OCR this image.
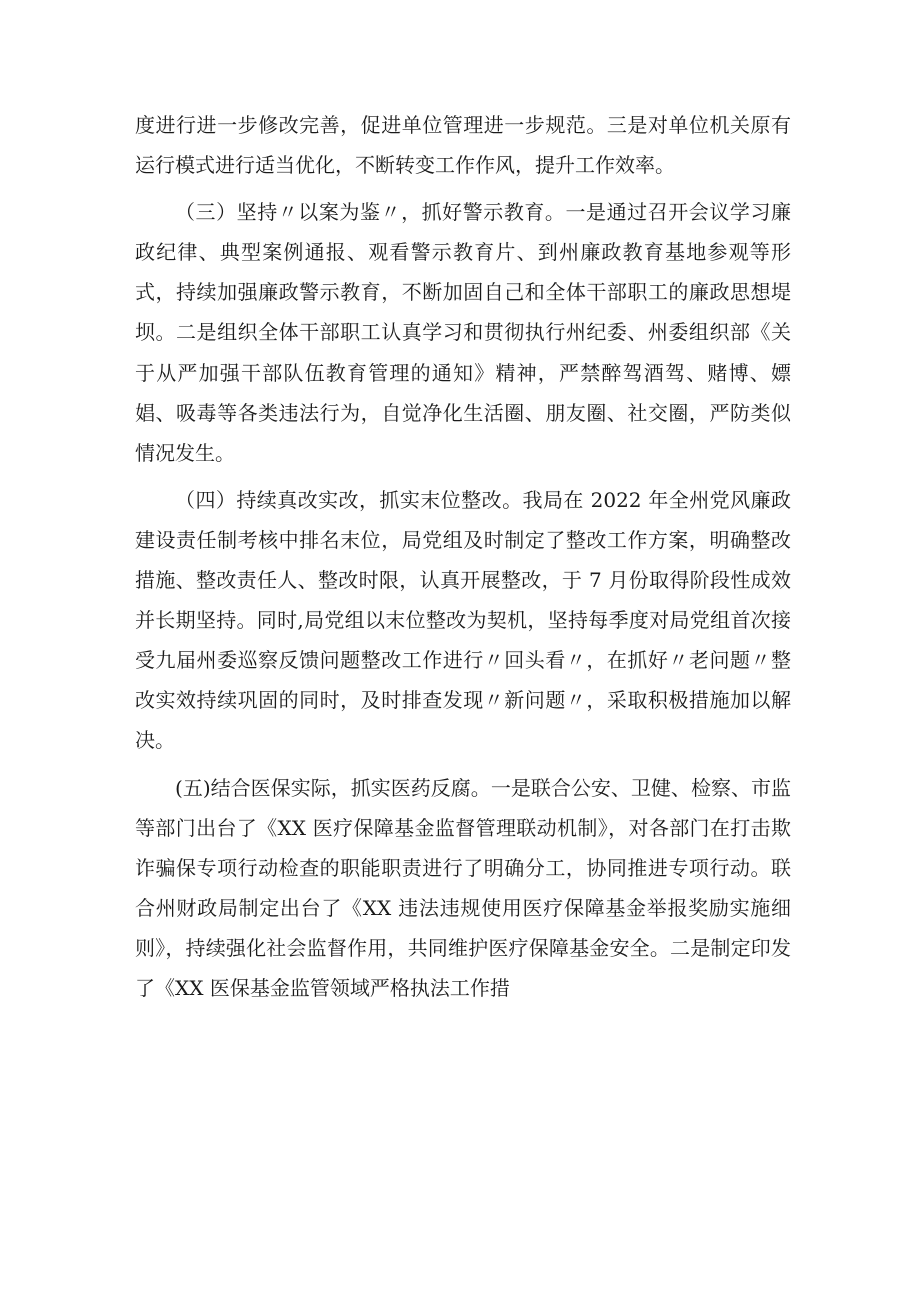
度进行进一步修改完善，促进单位管理进一步规范。三是对单位机关原有运行模式进行适当优化，不断转变工作作风，提升工作效率。

（三）坚持〃以案为鉴〃，抓好警示教育。一是通过召开会议学习廉政纪律、典型案例通报、观看警示教育片、到州廉政教育基地参观等形式，持续加强廉政警示教育，不断加固自己和全体干部职工的廉政思想堤坝。二是组织全体干部职工认真学习和贯彻执行州纪委、州委组织部《关于从严加强干部队伍教育管理的通知》精神，严禁醉驾酒驾、赌博、嫖娼、吸毒等各类违法行为，自觉净化生活圈、朋友圈、社交圈，严防类似情况发生。

（四）持续真改实改，抓实末位整改。我局在 2022 年全州党风廉政建设责任制考核中排名末位，局党组及时制定了整改工作方案，明确整改措施、整改责任人、整改时限，认真开展整改，于 7 月份取得阶段性成效并长期坚持。同时,局党组以末位整改为契机，坚持每季度对局党组首次接受九届州委巡察反馈问题整改工作进行〃回头看〃，在抓好〃老问题〃整改实效持续巩固的同时，及时排查发现〃新问题〃，采取积极措施加以解决。

(五)结合医保实际，抓实医药反腐。一是联合公安、卫健、检察、市监等部门出台了《XX 医疗保障基金监督管理联动机制》，对各部门在打击欺诈骗保专项行动检查的职能职责进行了明确分工，协同推进专项行动。联合州财政局制定出台了《XX 违法违规使用医疗保障基金举报奖励实施细则》，持续强化社会监督作用，共同维护医疗保障基金安全。二是制定印发了《XX 医保基金监管领域严格执法工作措
